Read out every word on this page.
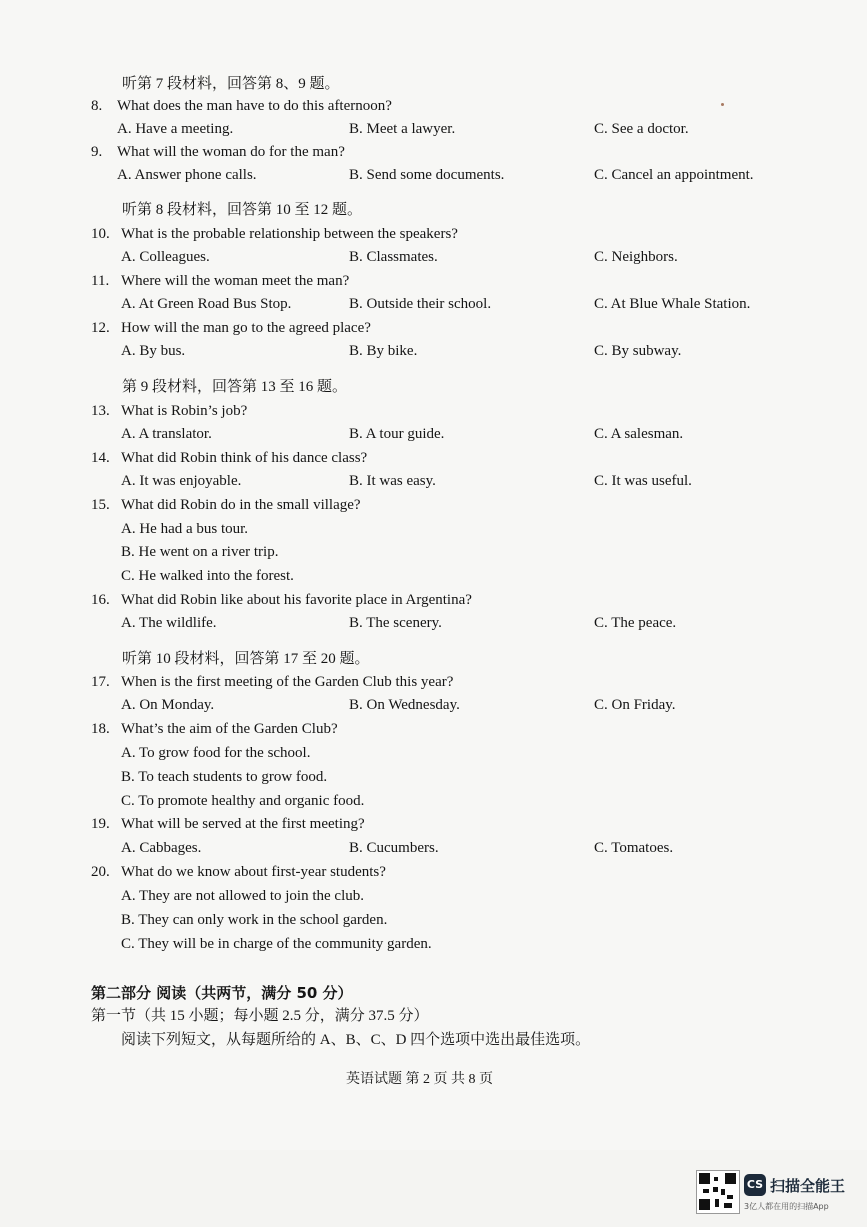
听第 7 段材料，回答第 8、9 题。
8. What does the man have to do this afternoon?
A. Have a meeting.	B. Meet a lawyer.	C. See a doctor.
9. What will the woman do for the man?
A. Answer phone calls.	B. Send some documents.	C. Cancel an appointment.
听第 8 段材料，回答第 10 至 12 题。
10. What is the probable relationship between the speakers?
A. Colleagues.	B. Classmates.	C. Neighbors.
11. Where will the woman meet the man?
A. At Green Road Bus Stop.	B. Outside their school.	C. At Blue Whale Station.
12. How will the man go to the agreed place?
A. By bus.	B. By bike.	C. By subway.
第 9 段材料，回答第 13 至 16 题。
13. What is Robin’s job?
A. A translator.	B. A tour guide.	C. A salesman.
14. What did Robin think of his dance class?
A. It was enjoyable.	B. It was easy.	C. It was useful.
15. What did Robin do in the small village?
A. He had a bus tour.
B. He went on a river trip.
C. He walked into the forest.
16. What did Robin like about his favorite place in Argentina?
A. The wildlife.	B. The scenery.	C. The peace.
听第 10 段材料，回答第 17 至 20 题。
17. When is the first meeting of the Garden Club this year?
A. On Monday.	B. On Wednesday.	C. On Friday.
18. What’s the aim of the Garden Club?
A. To grow food for the school.
B. To teach students to grow food.
C. To promote healthy and organic food.
19. What will be served at the first meeting?
A. Cabbages.	B. Cucumbers.	C. Tomatoes.
20. What do we know about first-year students?
A. They are not allowed to join the club.
B. They can only work in the school garden.
C. They will be in charge of the community garden.
第二部分 阅读（共两节，满分 50 分）
第一节（共 15 小题；每小题 2.5 分，满分 37.5 分）
阅读下列短文，从每题所给的 A、B、C、D 四个选项中选出最佳选项。
英语试题 第 2 页 共 8 页
CS 扫描全能王
3亿人都在用的扫描App
